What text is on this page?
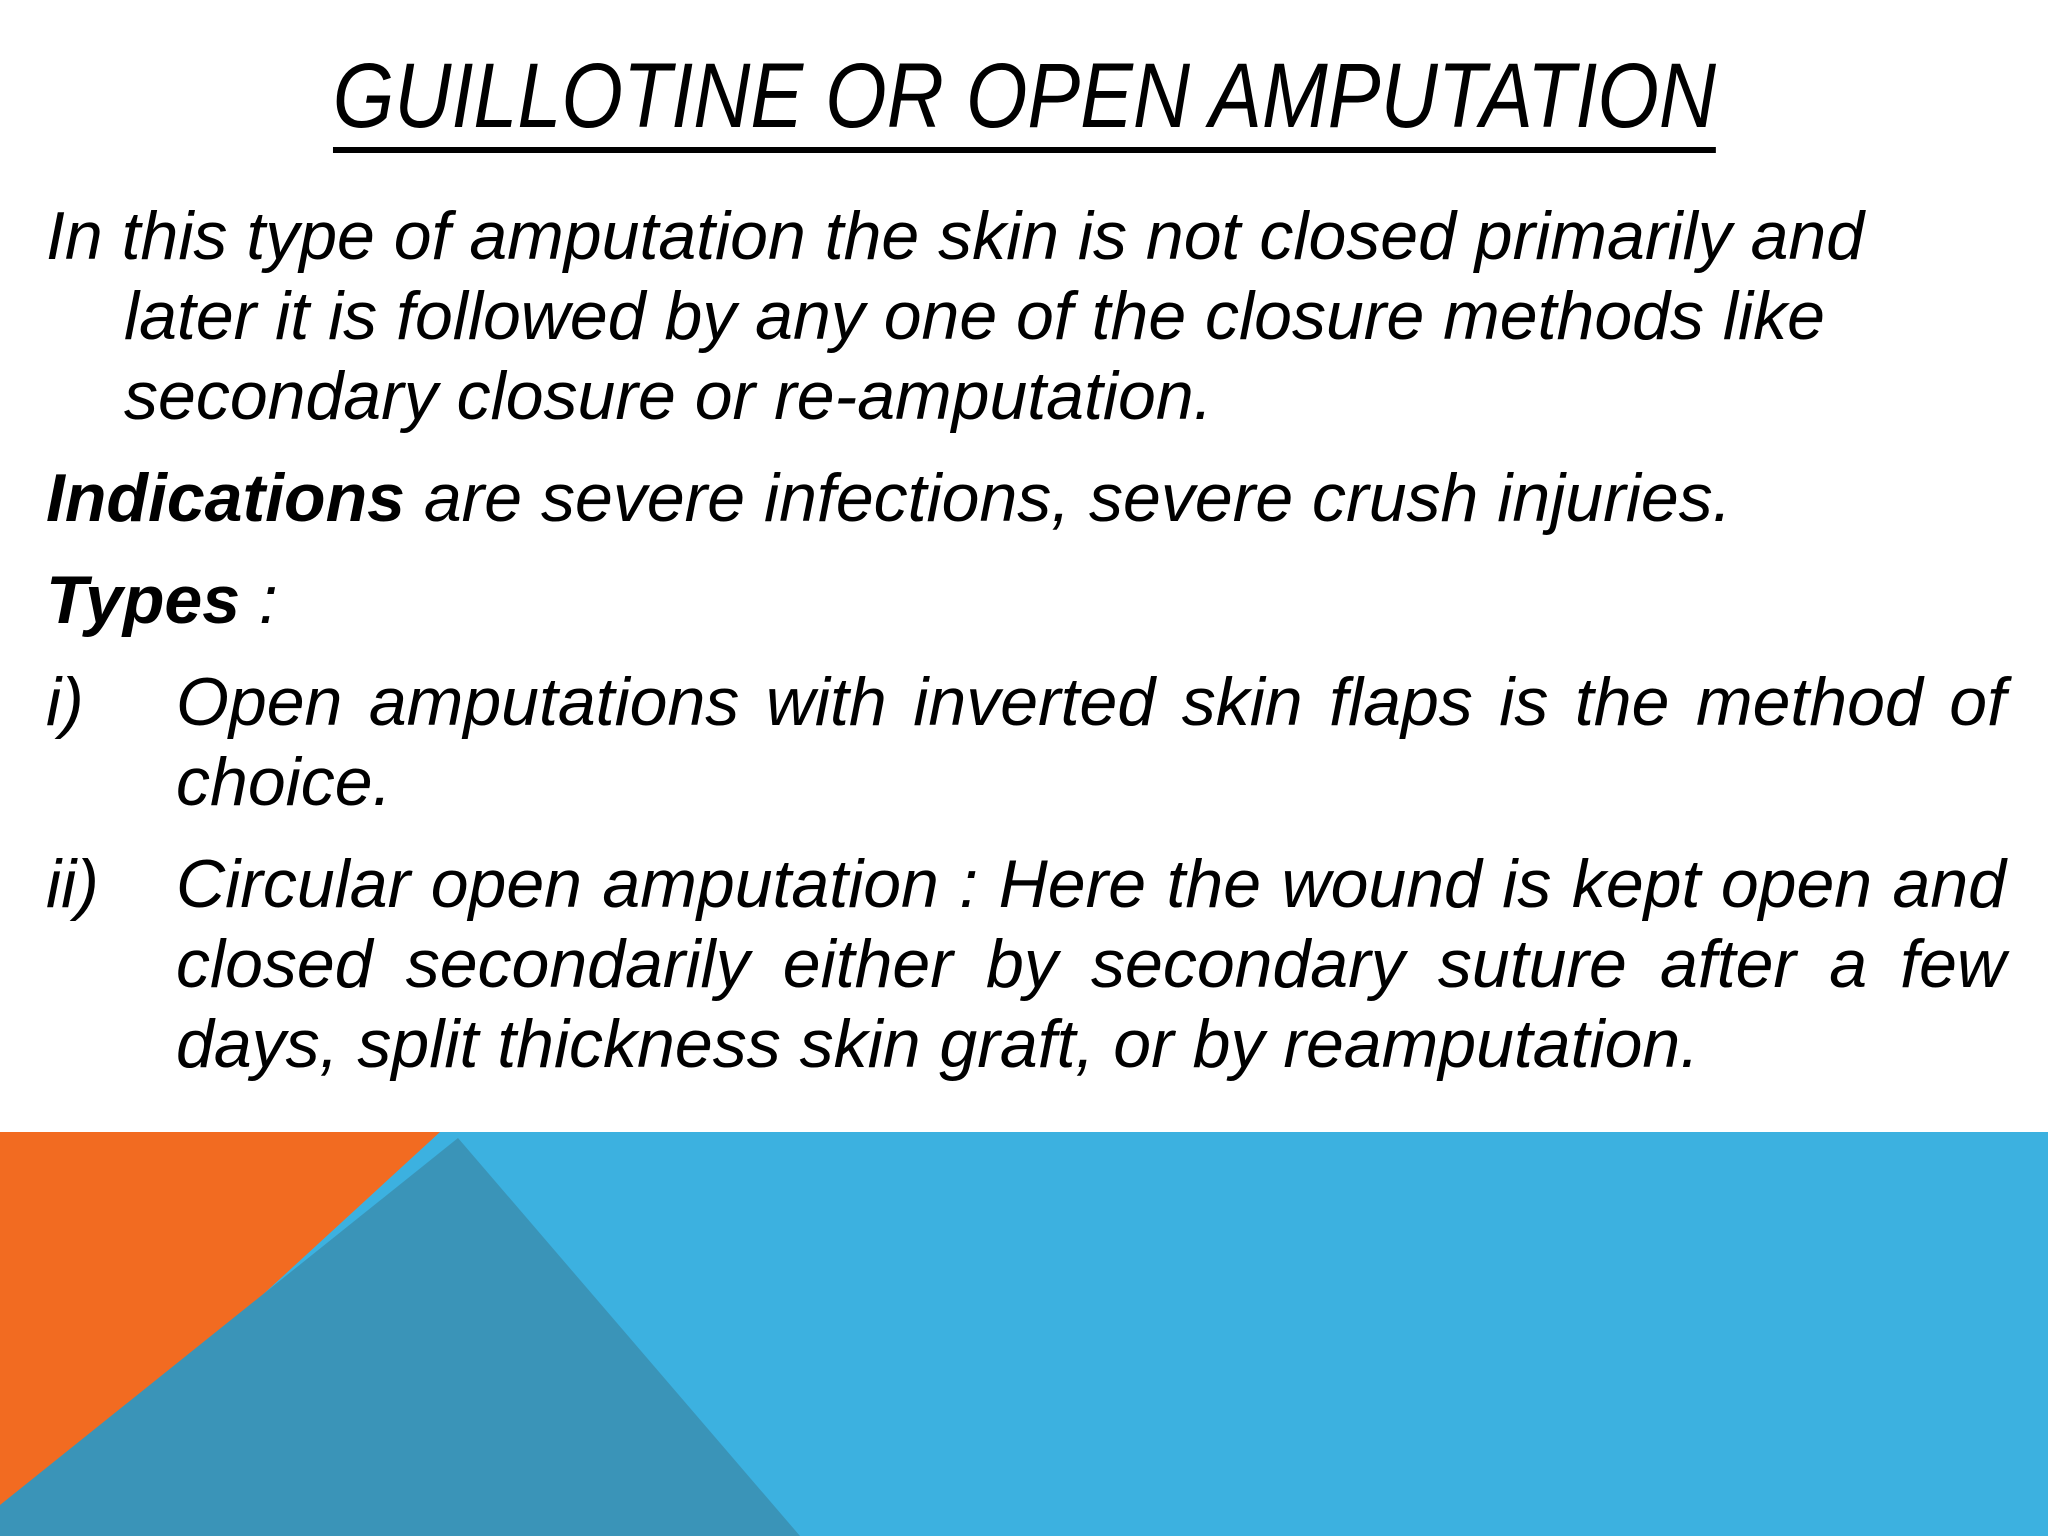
GUILLOTINE OR OPEN AMPUTATION

In this type of amputation the skin is not closed primarily and later it is followed by any one of the closure methods like secondary closure or re-amputation.

Indications are severe infections, severe crush injuries.

Types :

i) Open amputations with inverted skin flaps is the method of choice.
ii) Circular open amputation : Here the wound is kept open and closed secondarily either by secondary suture after a few days, split thickness skin graft, or by reamputation.
